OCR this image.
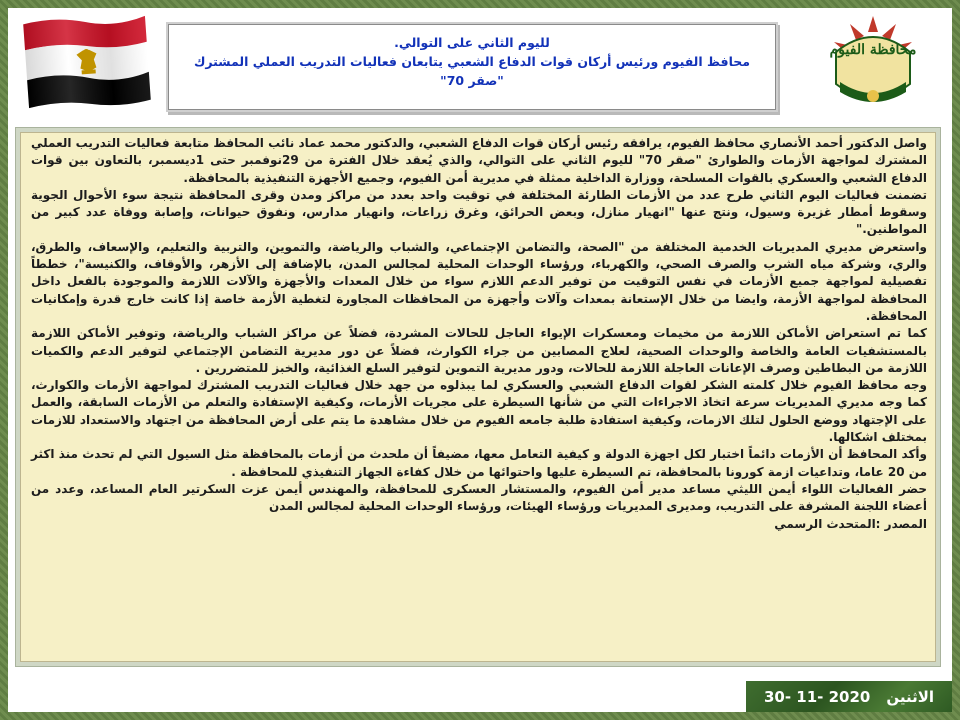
محافظة الفيوم
لليوم الثاني على التوالي.
محافظ الفيوم ورئيس أركان قوات الدفاع الشعبي يتابعان فعاليات التدريب العملي المشترك
"صقر 70"

واصل الدكتور أحمد الأنصاري محافظ الفيوم، يرافقه رئيس أركان قوات الدفاع الشعبي، والدكتور محمد عماد نائب المحافظ متابعة فعاليات التدريب العملي المشترك لمواجهة الأزمات والطوارئ "صقر 70" لليوم الثاني على التوالي، والذي يُعقد خلال الفترة من 29نوفمبر حتى 1ديسمبر، بالتعاون بين قوات الدفاع الشعبي والعسكري بالقوات المسلحة، ووزارة الداخلية ممثلة في مديرية أمن الفيوم، وجميع الأجهزة التنفيذية بالمحافظة.

تضمنت فعاليات اليوم الثاني طرح عدد من الأزمات الطارئة المختلفة في توقيت واحد بعدد من مراكز ومدن وقرى المحافظة نتيجة سوء الأحوال الجوية وسقوط أمطار غزيرة وسيول، ونتج عنها "انهيار منازل، وبعض الحرائق، وغرق زراعات، وانهيار مدارس، ونفوق حيوانات، وإصابة ووفاة عدد كبير من المواطنين."

واستعرض مديري المديريات الخدمية المختلفة من "الصحة، والتضامن الإجتماعي، والشباب والرياضة، والتموين، والتربية والتعليم، والإسعاف، والطرق، والري، وشركة مياه الشرب والصرف الصحي، والكهرباء، ورؤساء الوحدات المحلية لمجالس المدن، بالإضافة إلى الأزهر، والأوقاف، والكنيسة"، خططاً تفصيلية لمواجهة جميع الأزمات في نفس التوقيت من توفير الدعم اللازم سواء من خلال المعدات والأجهزة والآلات اللازمة والموجودة بالفعل داخل المحافظة لمواجهة الأزمة، وايضا من خلال الإستعانة بمعدات وآلات وأجهزة من المحافظات المجاورة لتغطية الأزمة خاصة إذا كانت خارج قدرة وإمكانيات المحافظة.

كما تم استعراض الأماكن اللازمة من مخيمات ومعسكرات الإيواء العاجل للحالات المشردة، فضلاً عن مراكز الشباب والرياضة، وتوفير الأماكن اللازمة بالمستشفيات العامة والخاصة والوحدات الصحية، لعلاج المصابين من جراء الكوارث، فضلاً عن دور مديرية التضامن الإجتماعي لتوفير الدعم والكميات اللازمة من البطاطين وصرف الإعانات العاجلة اللازمة للحالات، ودور مديرية التموين لتوفير السلع الغذائية، والخبز للمتضررين .

وجه محافظ الفيوم خلال كلمته الشكر لقوات الدفاع الشعبي والعسكري لما يبذلوه من جهد خلال فعاليات التدريب المشترك لمواجهة الأزمات والكوارث، كما وجه مديري المديريات سرعة اتخاذ الاجراءات التي من شأنها السيطرة على مجريات الأزمات، وكيفية الإستفادة والتعلم من الأزمات السابقة، والعمل على الإجتهاد ووضع الحلول لتلك الازمات، وكيفية استفادة طلبة جامعه الفيوم من خلال مشاهدة ما يتم على أرض المحافظة من اجتهاد والاستعداد للازمات بمختلف اشكالها.

وأكد المحافظ أن الأزمات دائماً اختبار لكل اجهزة الدولة و كيفية التعامل معها، مضيفاً أن ملحدث من أزمات بالمحافظة مثل السيول التي لم تحدث منذ اكثر من 20 عاما، وتداعيات ازمة كورونا بالمحافظة، تم السيطرة عليها واحتوائها من خلال كفاءة الجهاز التنفيذي للمحافظة .

حضر الفعاليات اللواء أيمن الليثي مساعد مدير أمن الفيوم، والمستشار العسكرى للمحافظة، والمهندس أيمن عزت السكرتير العام المساعد، وعدد من أعضاء اللجنة المشرفة على التدريب، ومديرى المديريات ورؤساء الهيئات، ورؤساء الوحدات المحلية لمجالس المدن

المصدر :المتحدث الرسمي

الاثنين
30- 11- 2020
